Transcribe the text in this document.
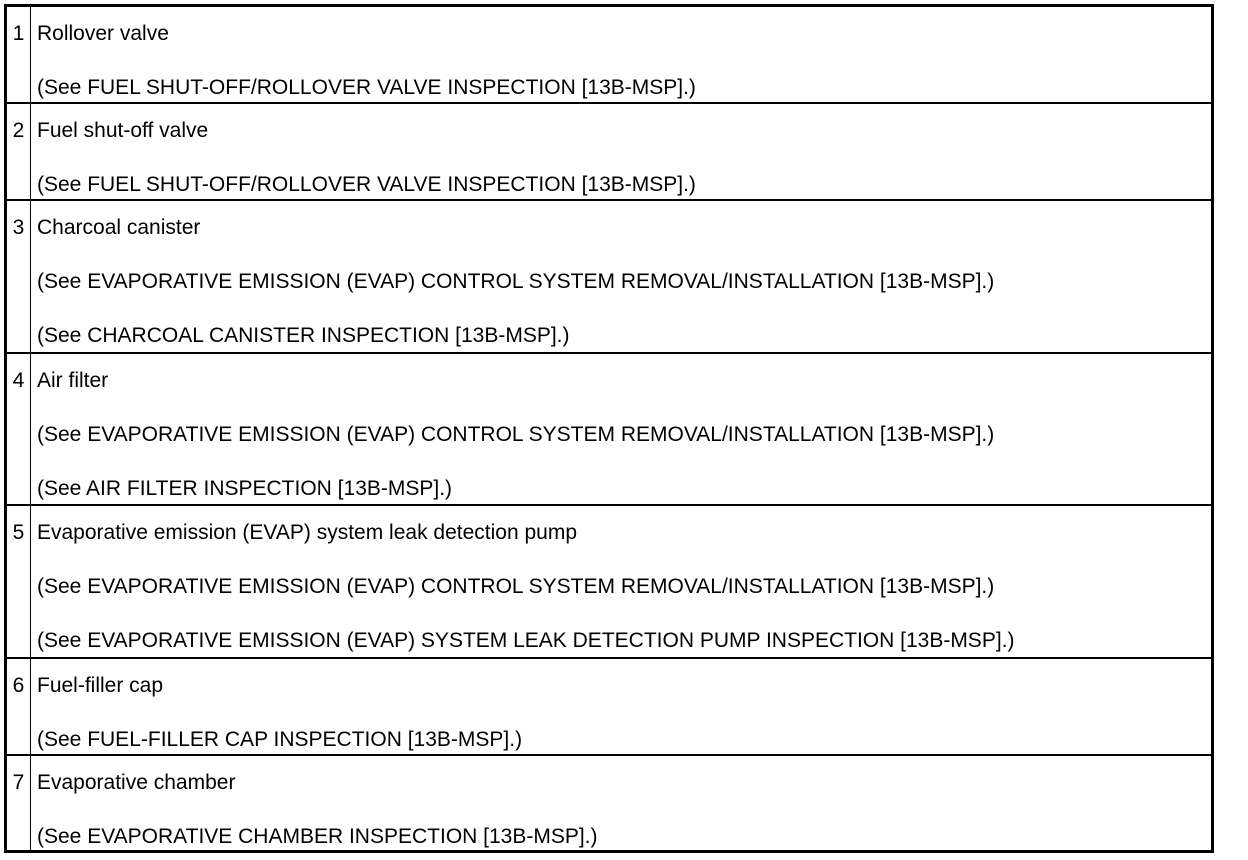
1	Rollover valve
(See FUEL SHUT-OFF/ROLLOVER VALVE INSPECTION [13B-MSP].)

2	Fuel shut-off valve
(See FUEL SHUT-OFF/ROLLOVER VALVE INSPECTION [13B-MSP].)

3	Charcoal canister
(See EVAPORATIVE EMISSION (EVAP) CONTROL SYSTEM REMOVAL/INSTALLATION [13B-MSP].)
(See CHARCOAL CANISTER INSPECTION [13B-MSP].)

4	Air filter
(See EVAPORATIVE EMISSION (EVAP) CONTROL SYSTEM REMOVAL/INSTALLATION [13B-MSP].)
(See AIR FILTER INSPECTION [13B-MSP].)

5	Evaporative emission (EVAP) system leak detection pump
(See EVAPORATIVE EMISSION (EVAP) CONTROL SYSTEM REMOVAL/INSTALLATION [13B-MSP].)
(See EVAPORATIVE EMISSION (EVAP) SYSTEM LEAK DETECTION PUMP INSPECTION [13B-MSP].)

6	Fuel-filler cap
(See FUEL-FILLER CAP INSPECTION [13B-MSP].)

7	Evaporative chamber
(See EVAPORATIVE CHAMBER INSPECTION [13B-MSP].)
